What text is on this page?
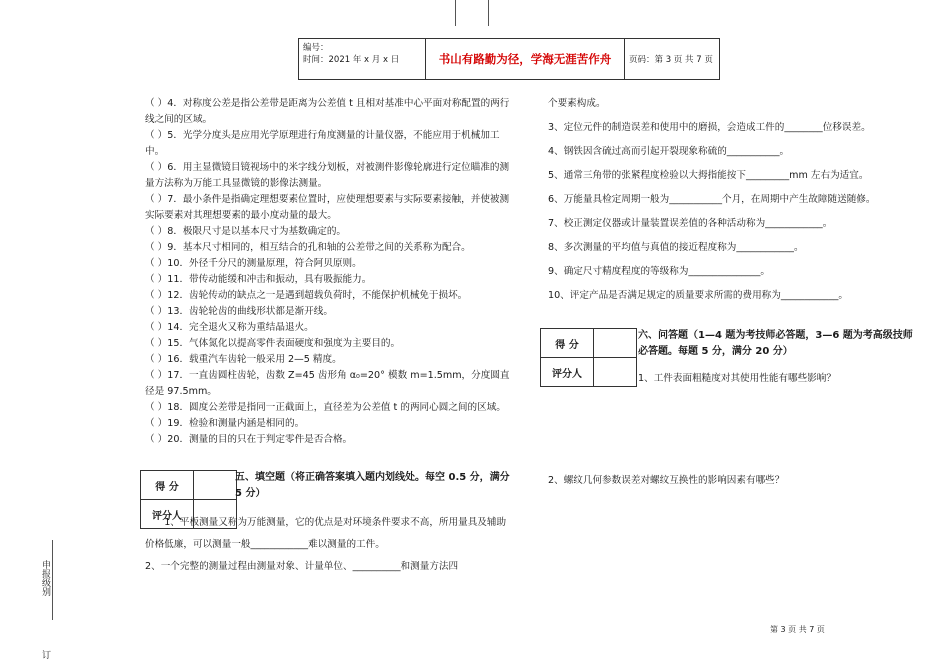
编号：
时间：2021 年 x 月 x 日	书山有路勤为径，学海无涯苦作舟	页码：第 3 页 共 7 页

（ ）4．对称度公差是指公差带是距离为公差值 t 且相对基准中心平面对称配置的两行线之间的区域。

（ ）5．光学分度头是应用光学原理进行角度测量的计量仪器，不能应用于机械加工中。

（ ）6．用主显微镜目镜视场中的米字线分划板，对被测件影像轮廓进行定位瞄准的测量方法称为万能工具显微镜的影像法测量。

（ ）7．最小条件是指确定理想要素位置时，应使理想要素与实际要素接触，并使被测实际要素对其理想要素的最小度动量的最大。

（ ）8．极限尺寸是以基本尺寸为基数确定的。

（ ）9．基本尺寸相同的，相互结合的孔和轴的公差带之间的关系称为配合。

（ ）10．外径千分尺的测量原理，符合阿贝原则。

（ ）11．带传动能缓和冲击和振动，具有吸振能力。

（ ）12．齿轮传动的缺点之一是遇到超载负荷时，不能保护机械免于损坏。

（ ）13．齿轮轮齿的曲线形状都是渐开线。

（ ）14．完全退火又称为重结晶退火。

（ ）15．气体氮化以提高零件表面硬度和强度为主要目的。

（ ）16．载重汽车齿轮一般采用 2—5 精度。

（ ）17．一直齿圆柱齿轮，齿数 Z=45 齿形角 α₀=20° 模数 m=1.5mm，分度圆直径是 97.5mm。

（ ）18．圆度公差带是指同一正截面上，直径差为公差值 t 的两同心圆之间的区域。

（ ）19．检验和测量内涵是相同的。

（ ）20．测量的目的只在于判定零件是否合格。

得 分	
评分人	
五、填空题（将正确答案填入题内划线处。每空 0.5 分，满分 5 分）
1、平板测量又称为万能测量，它的优点是对环境条件要求不高，所用量具及辅助价格低廉，可以测量一般____________难以测量的工件。
2、一个完整的测量过程由测量对象、计量单位、__________和测量方法四

个要素构成。

3、定位元件的制造误差和使用中的磨损，会造成工件的________位移误差。

4、钢铁因含硫过高而引起开裂现象称硫的___________。

5、通常三角带的张紧程度检验以大拇指能按下_________mm 左右为适宜。

6、万能量具检定周期一般为___________个月，在周期中产生故障随送随修。

7、校正测定仪器或计量装置误差值的各种活动称为____________。

8、多次测量的平均值与真值的接近程度称为____________。

9、确定尺寸精度程度的等级称为_______________。

10、评定产品是否满足规定的质量要求所需的费用称为____________。

得 分	
评分人	
六、问答题（1—4 题为考技师必答题，3—6 题为考高级技师必答题。每题 5 分，满分 20 分）
1、工件表面粗糙度对其使用性能有哪些影响？
2、螺纹几何参数误差对螺纹互换性的影响因素有哪些？
第 3 页 共 7 页
申报级别
订
